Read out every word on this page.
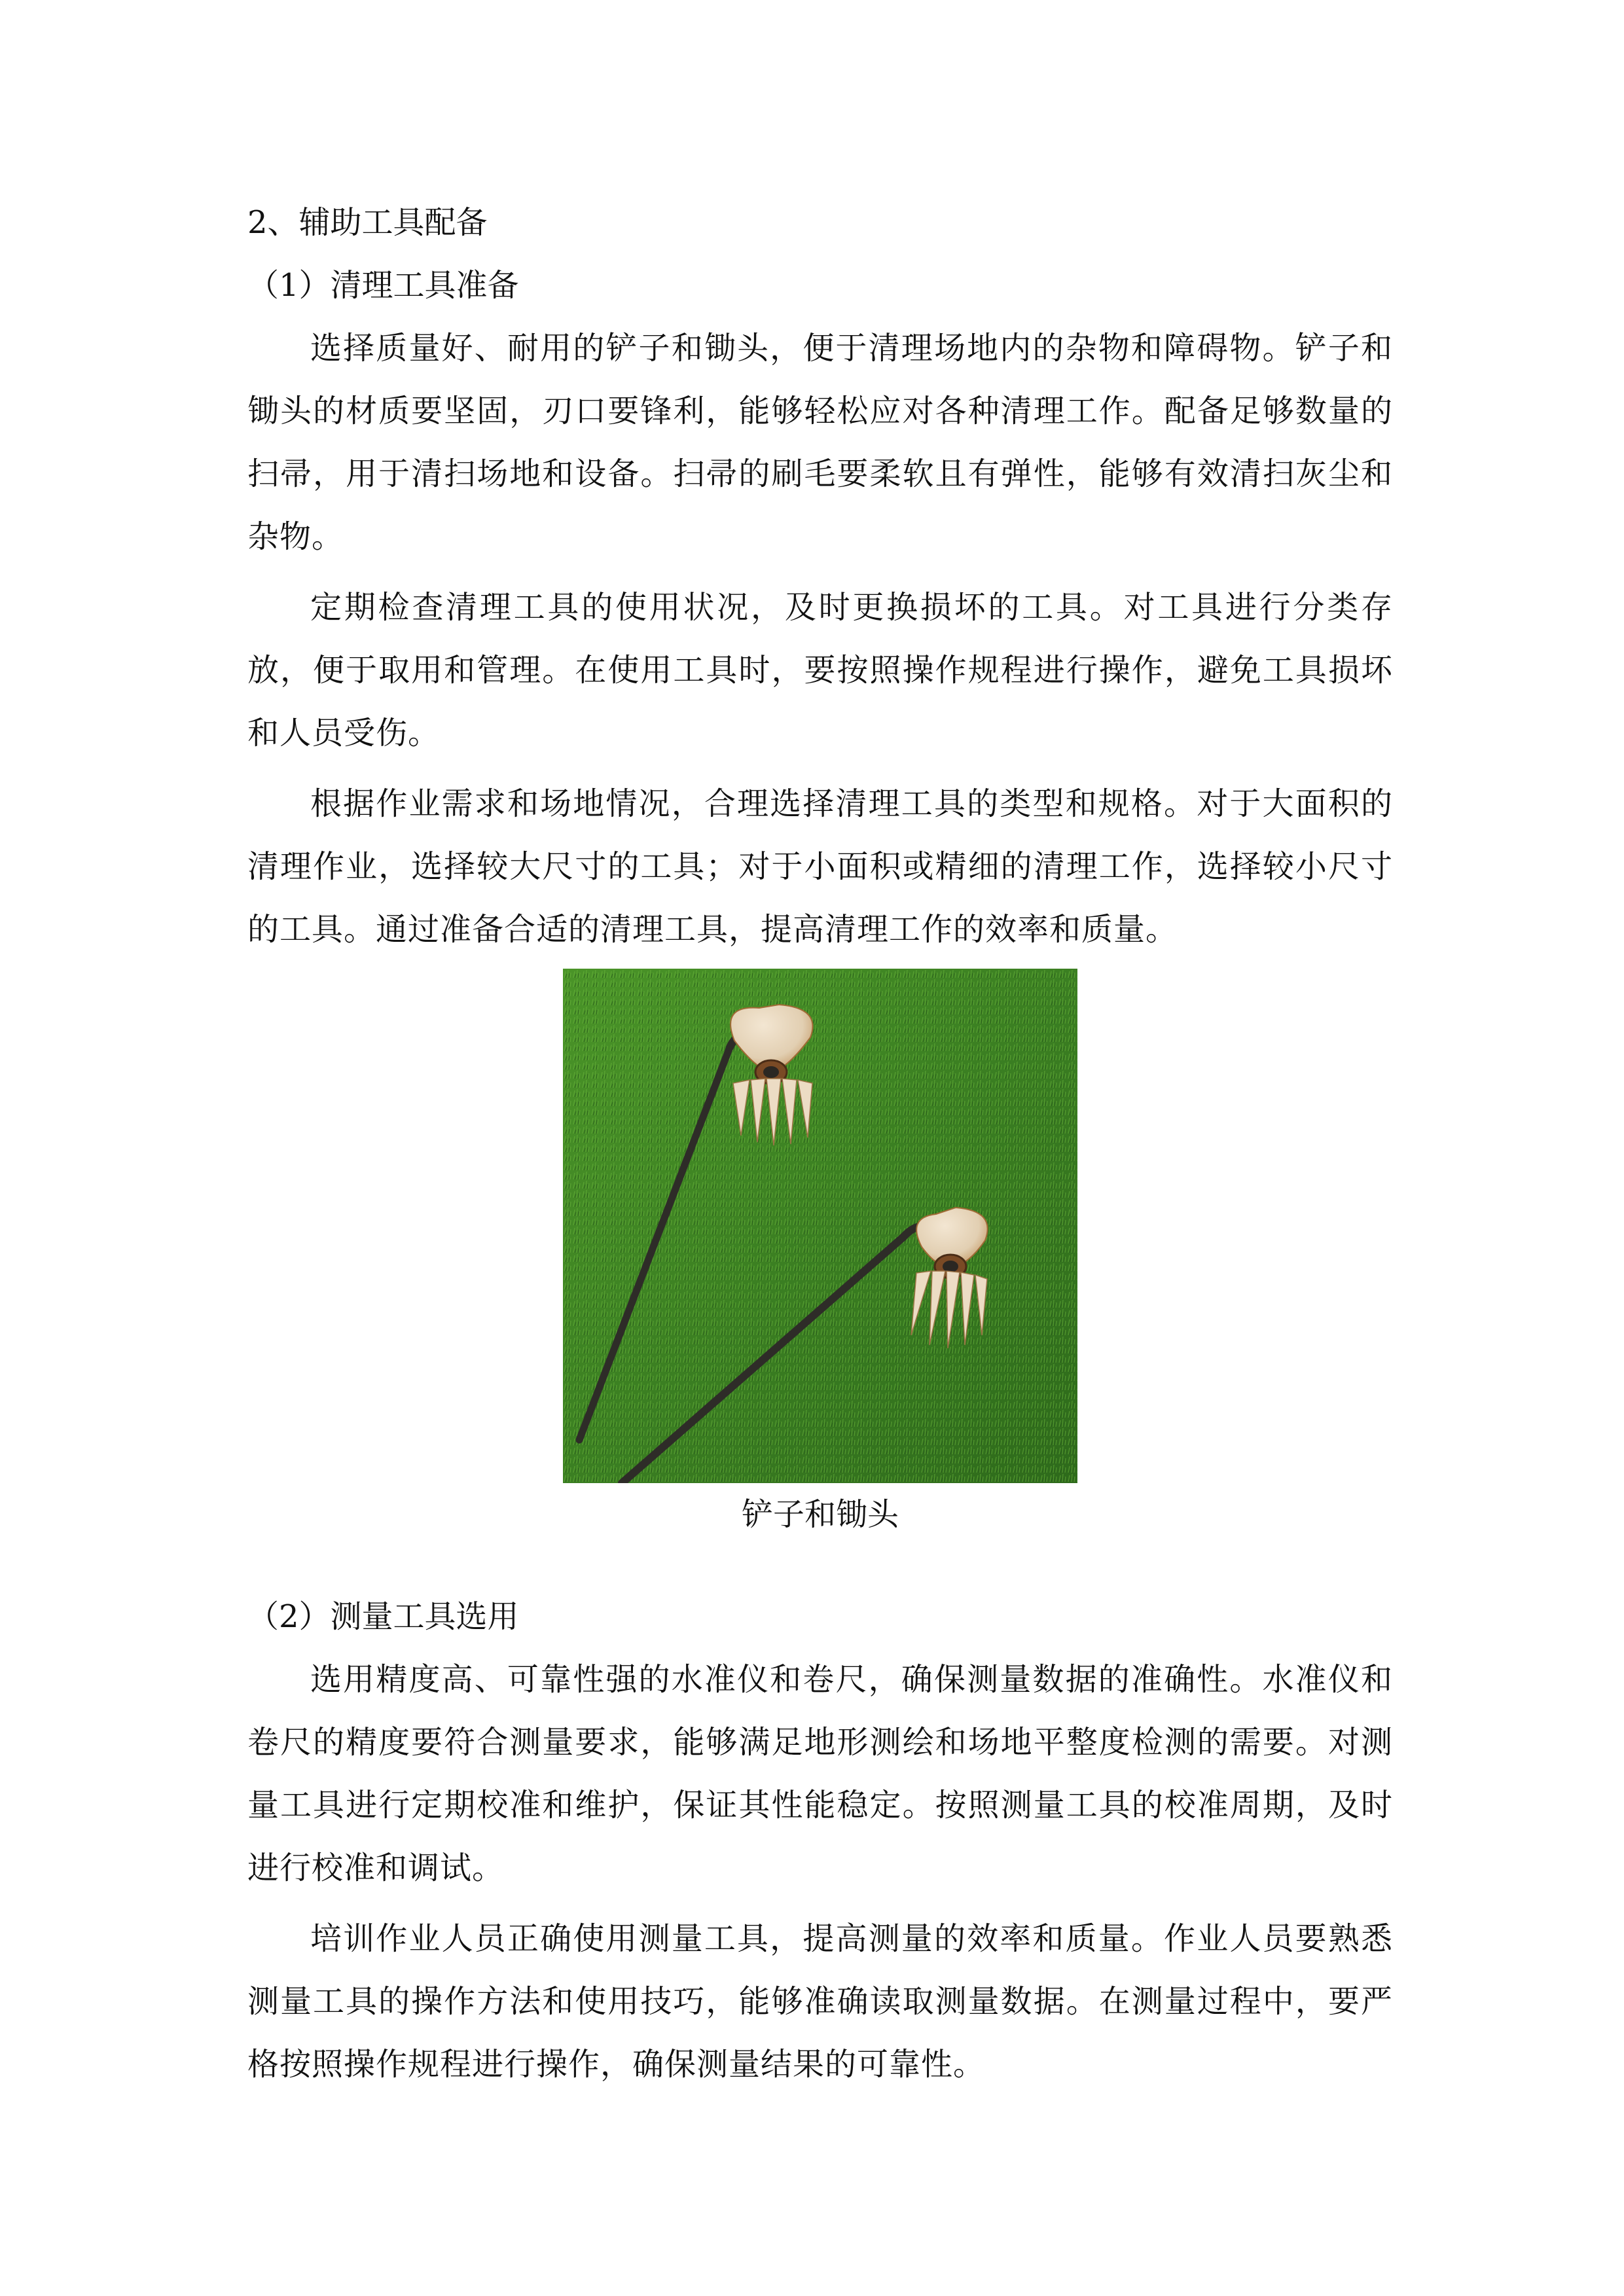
2、辅助工具配备

（1）清理工具准备

选择质量好、耐用的铲子和锄头，便于清理场地内的杂物和障碍物。铲子和锄头的材质要坚固，刃口要锋利，能够轻松应对各种清理工作。配备足够数量的扫帚，用于清扫场地和设备。扫帚的刷毛要柔软且有弹性，能够有效清扫灰尘和杂物。

定期检查清理工具的使用状况，及时更换损坏的工具。对工具进行分类存放，便于取用和管理。在使用工具时，要按照操作规程进行操作，避免工具损坏和人员受伤。

根据作业需求和场地情况，合理选择清理工具的类型和规格。对于大面积的清理作业，选择较大尺寸的工具；对于小面积或精细的清理工作，选择较小尺寸的工具。通过准备合适的清理工具，提高清理工作的效率和质量。

铲子和锄头

（2）测量工具选用

选用精度高、可靠性强的水准仪和卷尺，确保测量数据的准确性。水准仪和卷尺的精度要符合测量要求，能够满足地形测绘和场地平整度检测的需要。对测量工具进行定期校准和维护，保证其性能稳定。按照测量工具的校准周期，及时进行校准和调试。

培训作业人员正确使用测量工具，提高测量的效率和质量。作业人员要熟悉测量工具的操作方法和使用技巧，能够准确读取测量数据。在测量过程中，要严格按照操作规程进行操作，确保测量结果的可靠性。
